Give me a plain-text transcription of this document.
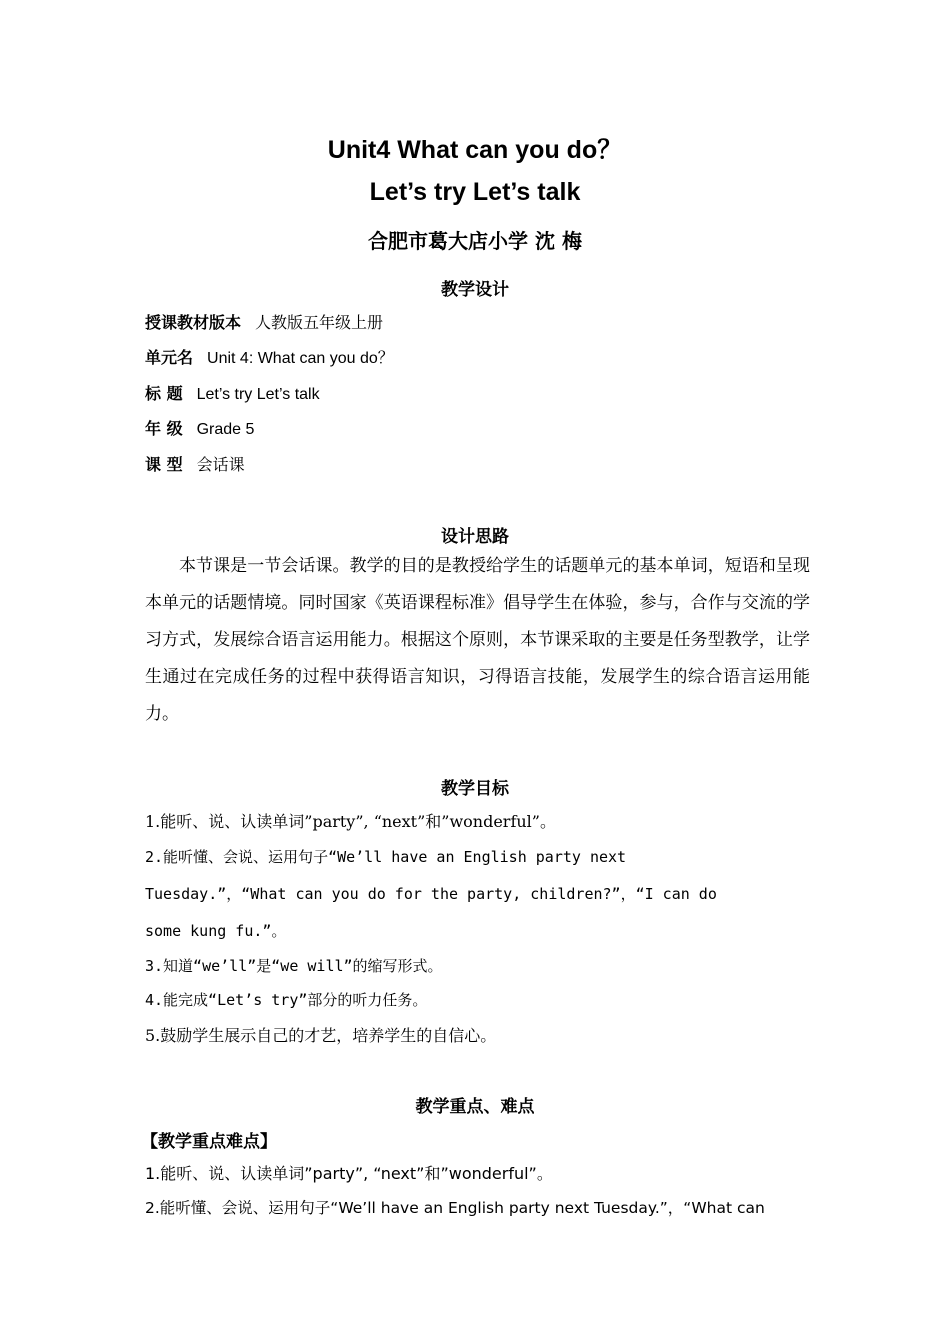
Unit4 What can you do？
Let’s try Let’s talk
合肥市葛大店小学 沈 梅
教学设计
授课教材版本 人教版五年级上册
单元名 Unit 4: What can you do？
标 题 Let’s try Let’s talk
年 级 Grade 5
课 型 会话课
设计思路
本节课是一节会话课。教学的目的是教授给学生的话题单元的基本单词，短语和呈现本单元的话题情境。同时国家《英语课程标准》倡导学生在体验，参与，合作与交流的学习方式，发展综合语言运用能力。根据这个原则，本节课采取的主要是任务型教学，让学生通过在完成任务的过程中获得语言知识，习得语言技能，发展学生的综合语言运用能力。
教学目标
1.能听、说、认读单词”party”, “next”和”wonderful”。
2.能听懂、会说、运用句子“We’ll have an English party next
Tuesday.”，“What can you do for the party, children?”，“I can do
some kung fu.”。
3.知道“we’ll”是“we will”的缩写形式。
4.能完成“Let’s try”部分的听力任务。
5.鼓励学生展示自己的才艺，培养学生的自信心。
教学重点、难点
【教学重点难点】
1.能听、说、认读单词”party”, “next”和”wonderful”。
2.能听懂、会说、运用句子“We’ll have an English party next Tuesday.”，“What can
